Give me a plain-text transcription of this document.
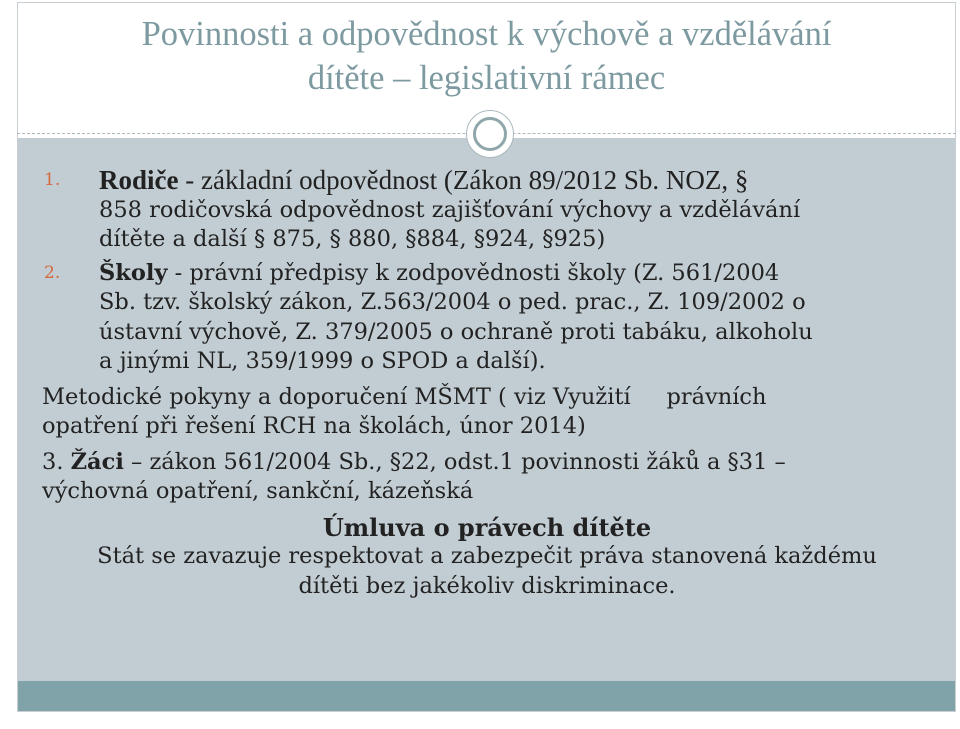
Povinnosti a odpovědnost k výchově a vzdělávání
dítěte – legislativní rámec
1. Rodiče - základní odpovědnost (Zákon 89/2012 Sb. NOZ, §
858 rodičovská odpovědnost zajišťování výchovy a vzdělávání
dítěte a další § 875, § 880, §884, §924, §925)
2. Školy - právní předpisy k zodpovědnosti školy (Z. 561/2004
Sb. tzv. školský zákon, Z.563/2004 o ped. prac., Z. 109/2002 o
ústavní výchově, Z. 379/2005 o ochraně proti tabáku, alkoholu
a jinými NL, 359/1999 o SPOD a další).
Metodické pokyny a doporučení MŠMT ( viz Využití     právních
opatření při řešení RCH na školách, únor 2014)
3. Žáci – zákon 561/2004 Sb., §22, odst.1 povinnosti žáků a §31 –
výchovná opatření, sankční, kázeňská
Úmluva o právech dítěte
Stát se zavazuje respektovat a zabezpečit práva stanovená každému
dítěti bez jakékoliv diskriminace.
